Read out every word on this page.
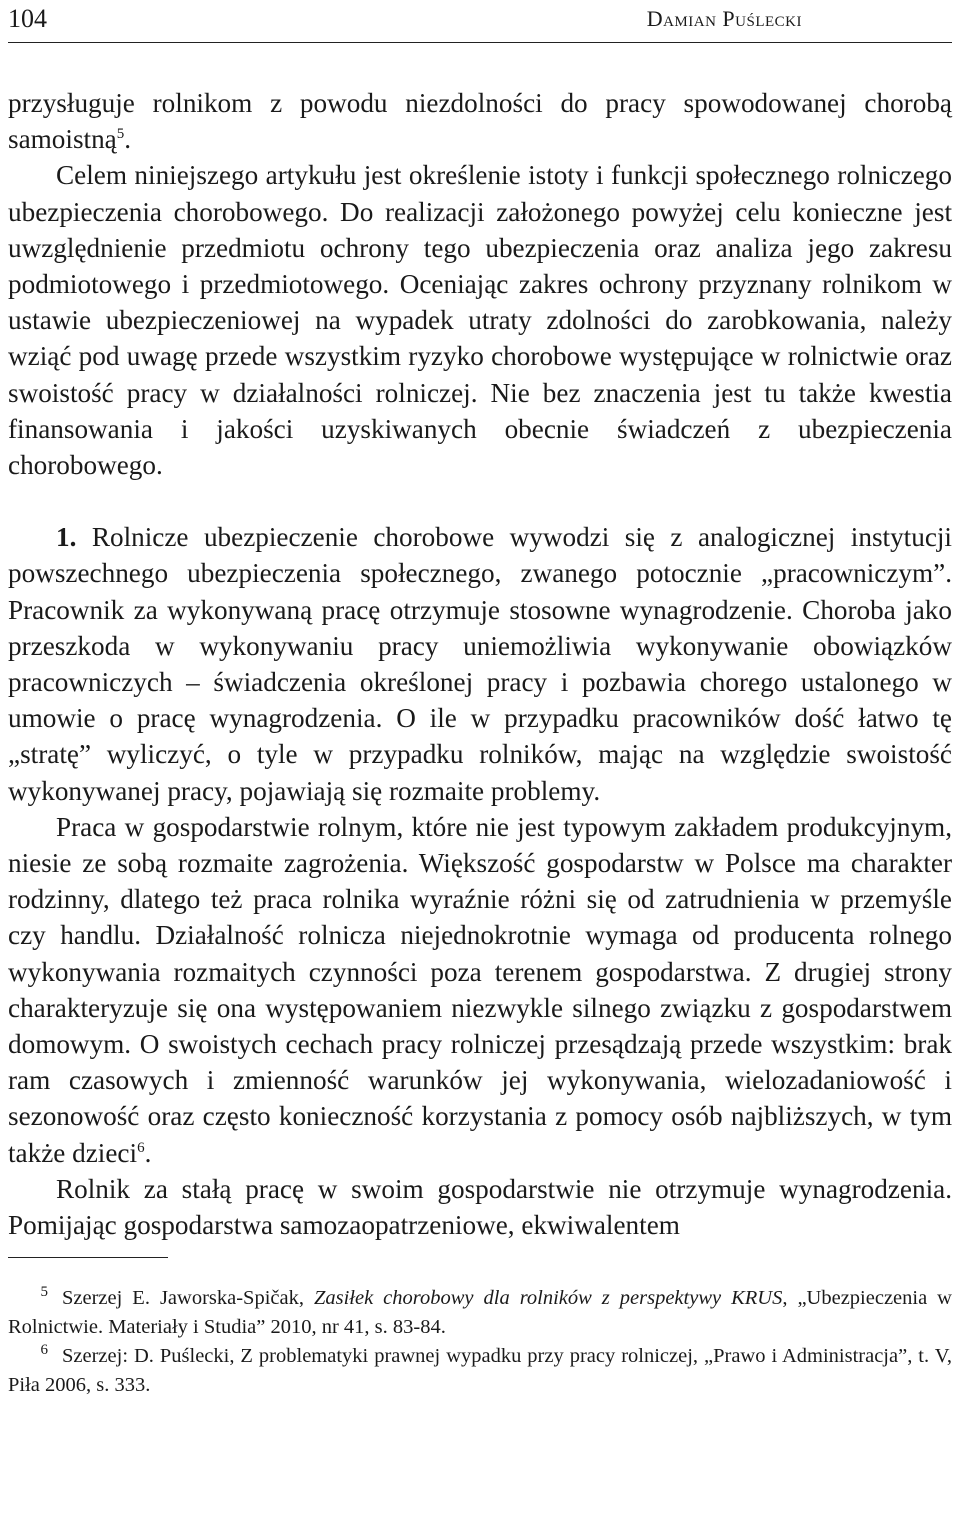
104	Damian Puślecki

przysługuje rolnikom z powodu niezdolności do pracy spowodowanej chorobą samoistną$^5$.

Celem niniejszego artykułu jest określenie istoty i funkcji społecznego rolniczego ubezpieczenia chorobowego. Do realizacji założonego powyżej celu konieczne jest uwzględnienie przedmiotu ochrony tego ubezpieczenia oraz analiza jego zakresu podmiotowego i przedmiotowego. Oceniając zakres ochrony przyznany rolnikom w ustawie ubezpieczeniowej na wypadek utraty zdolności do zarobkowania, należy wziąć pod uwagę przede wszystkim ryzyko chorobowe występujące w rolnictwie oraz swoistość pracy w działalności rolniczej. Nie bez znaczenia jest tu także kwestia finansowania i jakości uzyskiwanych obecnie świadczeń z ubezpieczenia chorobowego.

1. Rolnicze ubezpieczenie chorobowe wywodzi się z analogicznej instytucji powszechnego ubezpieczenia społecznego, zwanego potocznie „pracowniczym”. Pracownik za wykonywaną pracę otrzymuje stosowne wynagrodzenie. Choroba jako przeszkoda w wykonywaniu pracy uniemożliwia wykonywanie obowiązków pracowniczych – świadczenia określonej pracy i pozbawia chorego ustalonego w umowie o pracę wynagrodzenia. O ile w przypadku pracowników dość łatwo tę „stratę” wyliczyć, o tyle w przypadku rolników, mając na względzie swoistość wykonywanej pracy, pojawiają się rozmaite problemy.

Praca w gospodarstwie rolnym, które nie jest typowym zakładem produkcyjnym, niesie ze sobą rozmaite zagrożenia. Większość gospodarstw w Polsce ma charakter rodzinny, dlatego też praca rolnika wyraźnie różni się od zatrudnienia w przemyśle czy handlu. Działalność rolnicza niejednokrotnie wymaga od producenta rolnego wykonywania rozmaitych czynności poza terenem gospodarstwa. Z drugiej strony charakteryzuje się ona występowaniem niezwykle silnego związku z gospodarstwem domowym. O swoistych cechach pracy rolniczej przesądzają przede wszystkim: brak ram czasowych i zmienność warunków jej wykonywania, wielozadaniowość i sezonowość oraz często konieczność korzystania z pomocy osób najbliższych, w tym także dzieci$^6$.

Rolnik za stałą pracę w swoim gospodarstwie nie otrzymuje wynagrodzenia. Pomijając gospodarstwa samozaopatrzeniowe, ekwiwalentem

5 Szerzej E. Jaworska-Spičak, Zasiłek chorobowy dla rolników z perspektywy KRUS, „Ubezpieczenia w Rolnictwie. Materiały i Studia” 2010, nr 41, s. 83-84.
6 Szerzej: D. Puślecki, Z problematyki prawnej wypadku przy pracy rolniczej, „Prawo i Administracja”, t. V, Piła 2006, s. 333.
